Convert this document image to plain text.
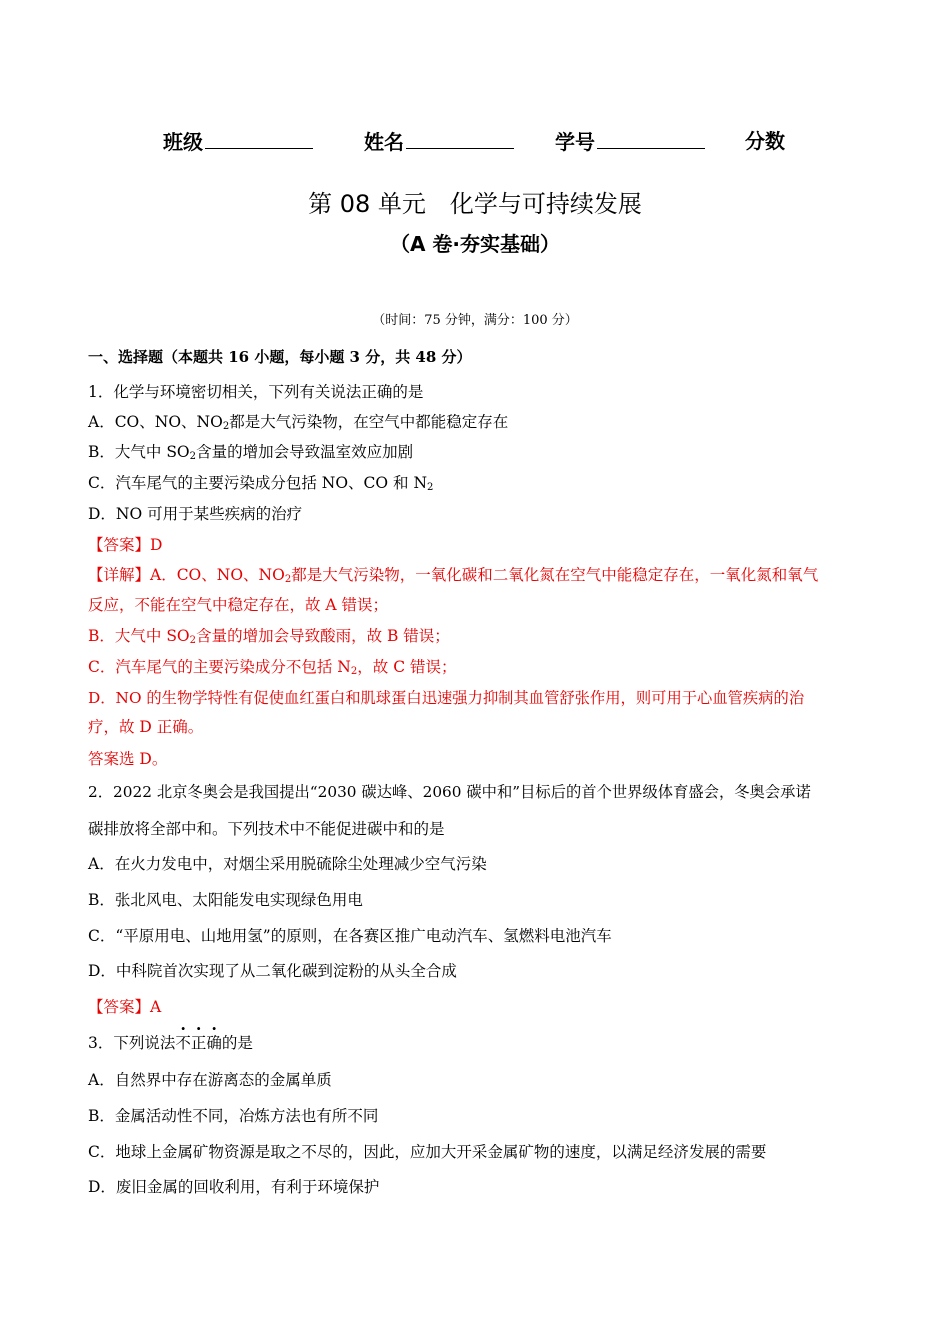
班级	姓名	学号	分数
第 08 单元　化学与可持续发展
（A 卷·夯实基础）
（时间：75 分钟，满分：100 分）
一、选择题（本题共 16 小题，每小题 3 分，共 48 分）
1．化学与环境密切相关，下列有关说法正确的是
A．CO、NO、$NO_2$都是大气污染物，在空气中都能稳定存在
B．大气中 $SO_2$含量的增加会导致温室效应加剧
C．汽车尾气的主要污染成分包括 NO、CO 和 $N_2$
D．NO 可用于某些疾病的治疗
【答案】D
【详解】A．CO、NO、$NO_2$都是大气污染物，一氧化碳和二氧化氮在空气中能稳定存在，一氧化氮和氧气
反应，不能在空气中稳定存在，故 A 错误；
B．大气中 $SO_2$含量的增加会导致酸雨，故 B 错误；
C．汽车尾气的主要污染成分不包括 $N_2$，故 C 错误；
D．NO 的生物学特性有促使血红蛋白和肌球蛋白迅速强力抑制其血管舒张作用，则可用于心血管疾病的治
疗，故 D 正确。
答案选 D。
2．2022 北京冬奥会是我国提出“2030 碳达峰、2060 碳中和”目标后的首个世界级体育盛会，冬奥会承诺
碳排放将全部中和。下列技术中不能促进碳中和的是
A．在火力发电中，对烟尘采用脱硫除尘处理减少空气污染
B．张北风电、太阳能发电实现绿色用电
C．“平原用电、山地用氢”的原则，在各赛区推广电动汽车、氢燃料电池汽车
D．中科院首次实现了从二氧化碳到淀粉的从头全合成
【答案】A
3．下列说法不正确的是
A．自然界中存在游离态的金属单质
B．金属活动性不同，冶炼方法也有所不同
C．地球上金属矿物资源是取之不尽的，因此，应加大开采金属矿物的速度，以满足经济发展的需要
D．废旧金属的回收利用，有利于环境保护
